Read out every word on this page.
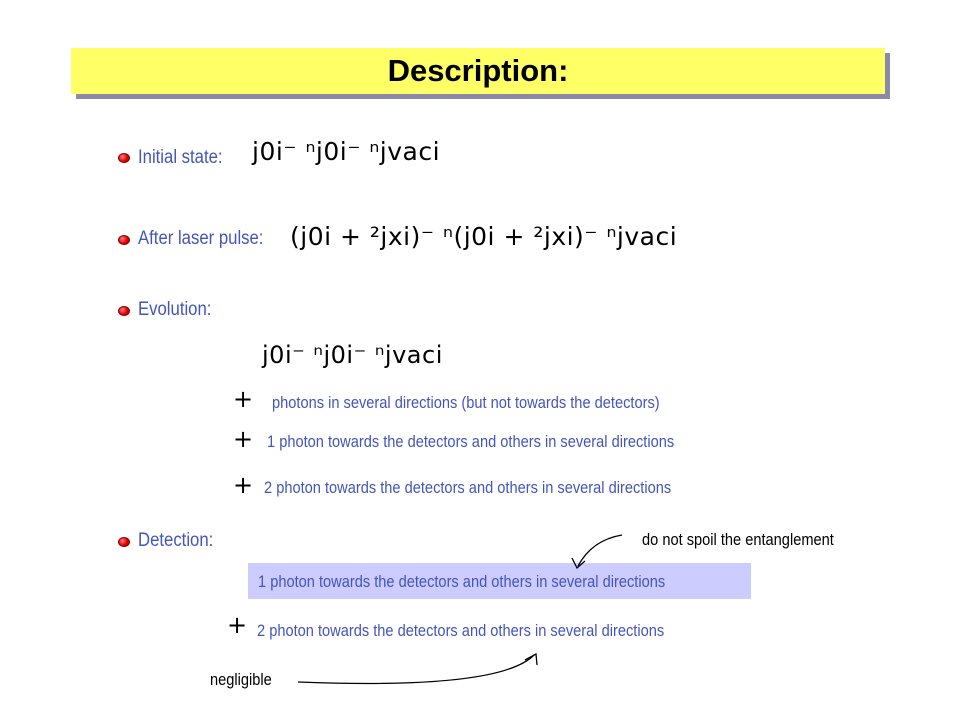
Description:
Initial state: j0i⁻ ⁿj0i⁻ ⁿjvaci
After laser pulse: (j0i + ²jxi)⁻ ⁿ(j0i + ²jxi)⁻ ⁿjvaci
Evolution:
j0i⁻ ⁿj0i⁻ ⁿjvaci
+ photons in several directions (but not towards the detectors)
+ 1 photon towards the detectors and others in several directions
+ 2 photon towards the detectors and others in several directions
Detection:	do not spoil the entanglement
1 photon towards the detectors and others in several directions
+ 2 photon towards the detectors and others in several directions
negligible
